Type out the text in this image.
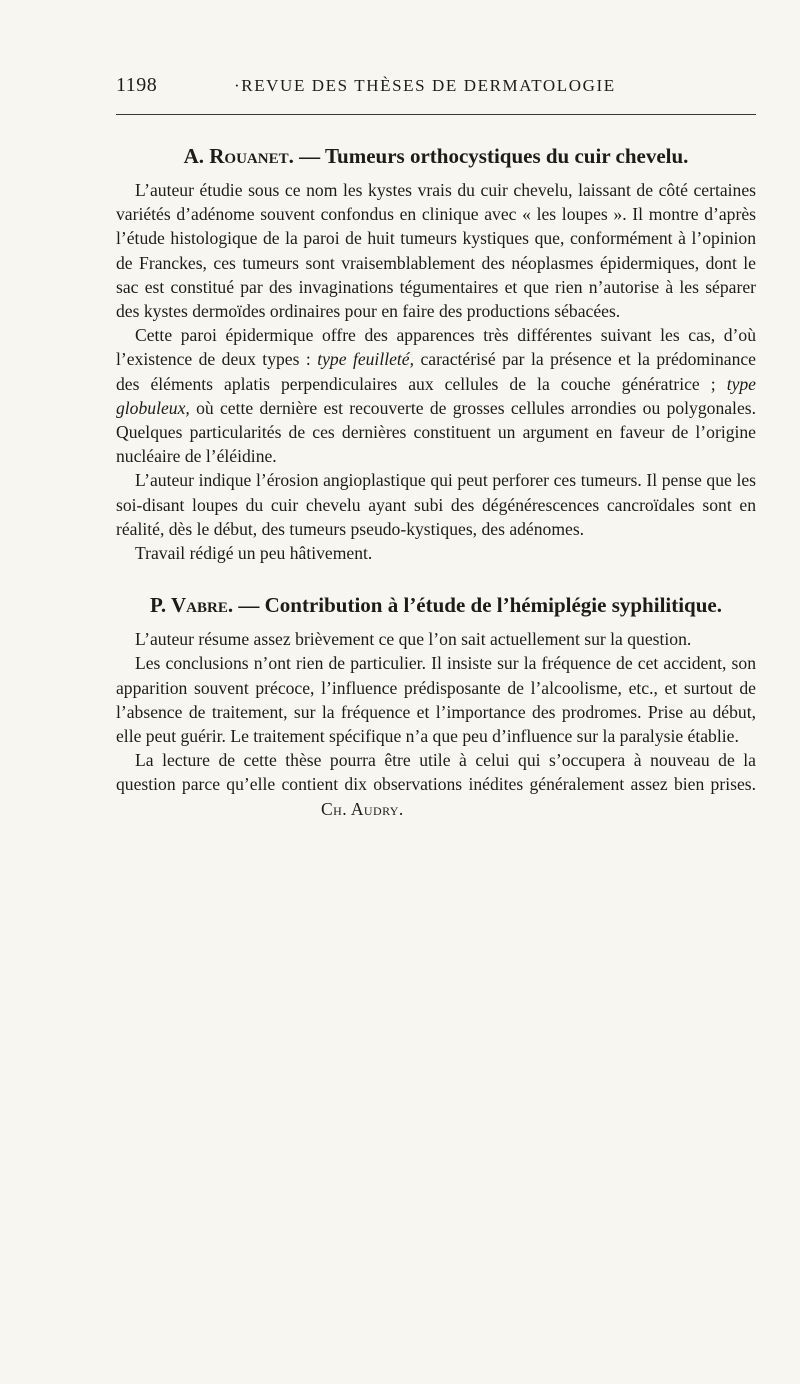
1198	·REVUE DES THÈSES DE DERMATOLOGIE
A. Rouanet. — Tumeurs orthocystiques du cuir chevelu.

L’auteur étudie sous ce nom les kystes vrais du cuir chevelu, laissant de côté certaines variétés d’adénome souvent confondus en clinique avec « les loupes ». Il montre d’après l’étude histologique de la paroi de huit tumeurs kystiques que, conformément à l’opinion de Franckes, ces tumeurs sont vraisemblablement des néoplasmes épidermiques, dont le sac est constitué par des invaginations tégumentaires et que rien n’autorise à les séparer des kystes dermoïdes ordinaires pour en faire des productions sébacées.

Cette paroi épidermique offre des apparences très différentes suivant les cas, d’où l’existence de deux types : type feuilleté, caractérisé par la présence et la prédominance des éléments aplatis perpendiculaires aux cellules de la couche génératrice ; type globuleux, où cette dernière est recouverte de grosses cellules arrondies ou polygonales. Quelques particularités de ces dernières constituent un argument en faveur de l’origine nucléaire de l’éléidine.

L’auteur indique l’érosion angioplastique qui peut perforer ces tumeurs. Il pense que les soi-disant loupes du cuir chevelu ayant subi des dégénérescences cancroïdales sont en réalité, dès le début, des tumeurs pseudo-kystiques, des adénomes.

Travail rédigé un peu hâtivement.

P. Vabre. — Contribution à l’étude de l’hémiplégie syphilitique.

L’auteur résume assez brièvement ce que l’on sait actuellement sur la question.

Les conclusions n’ont rien de particulier. Il insiste sur la fréquence de cet accident, son apparition souvent précoce, l’influence prédisposante de l’alcoolisme, etc., et surtout de l’absence de traitement, sur la fréquence et l’importance des prodromes. Prise au début, elle peut guérir. Le traitement spécifique n’a que peu d’influence sur la paralysie établie.

La lecture de cette thèse pourra être utile à celui qui s’occupera à nouveau de la question parce qu’elle contient dix observations inédites généralement assez bien prises. Ch. Audry.
